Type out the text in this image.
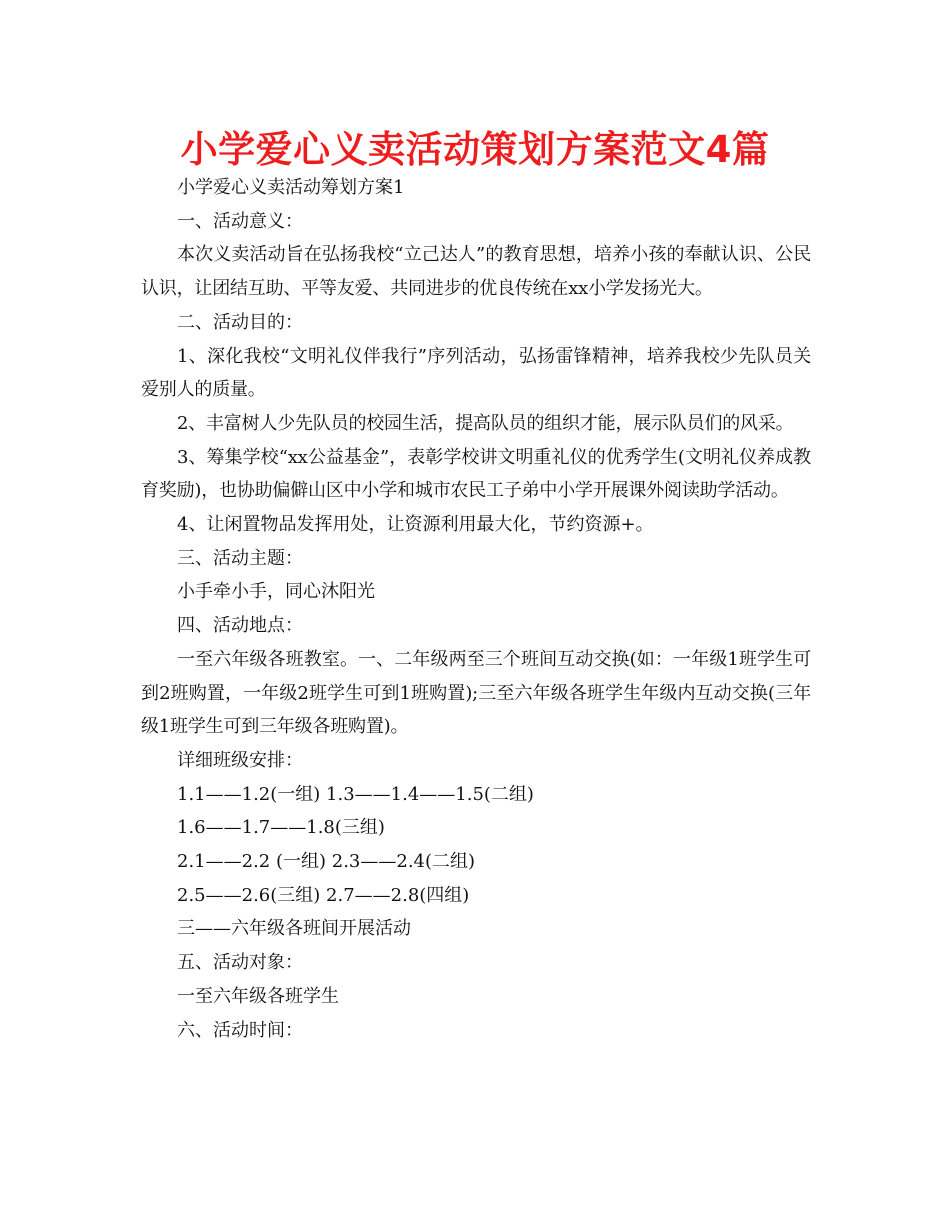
小学爱心义卖活动策划方案范文4篇

小学爱心义卖活动筹划方案1

一、活动意义：

本次义卖活动旨在弘扬我校“立己达人”的教育思想，培养小孩的奉献认识、公民认识，让团结互助、平等友爱、共同进步的优良传统在xx小学发扬光大。

二、活动目的：

1、深化我校“文明礼仪伴我行”序列活动，弘扬雷锋精神，培养我校少先队员关爱别人的质量。

2、丰富树人少先队员的校园生活，提高队员的组织才能，展示队员们的风采。

3、筹集学校“xx公益基金”，表彰学校讲文明重礼仪的优秀学生(文明礼仪养成教育奖励)，也协助偏僻山区中小学和城市农民工子弟中小学开展课外阅读助学活动。

4、让闲置物品发挥用处，让资源利用最大化，节约资源+。

三、活动主题：

小手牵小手，同心沐阳光

四、活动地点：

一至六年级各班教室。一、二年级两至三个班间互动交换(如：一年级1班学生可到2班购置，一年级2班学生可到1班购置);三至六年级各班学生年级内互动交换(三年级1班学生可到三年级各班购置)。

详细班级安排：

1.1——1.2(一组) 1.3——1.4——1.5(二组)

1.6——1.7——1.8(三组)

2.1——2.2 (一组) 2.3——2.4(二组)

2.5——2.6(三组) 2.7——2.8(四组)

三——六年级各班间开展活动

五、活动对象：

一至六年级各班学生

六、活动时间：
